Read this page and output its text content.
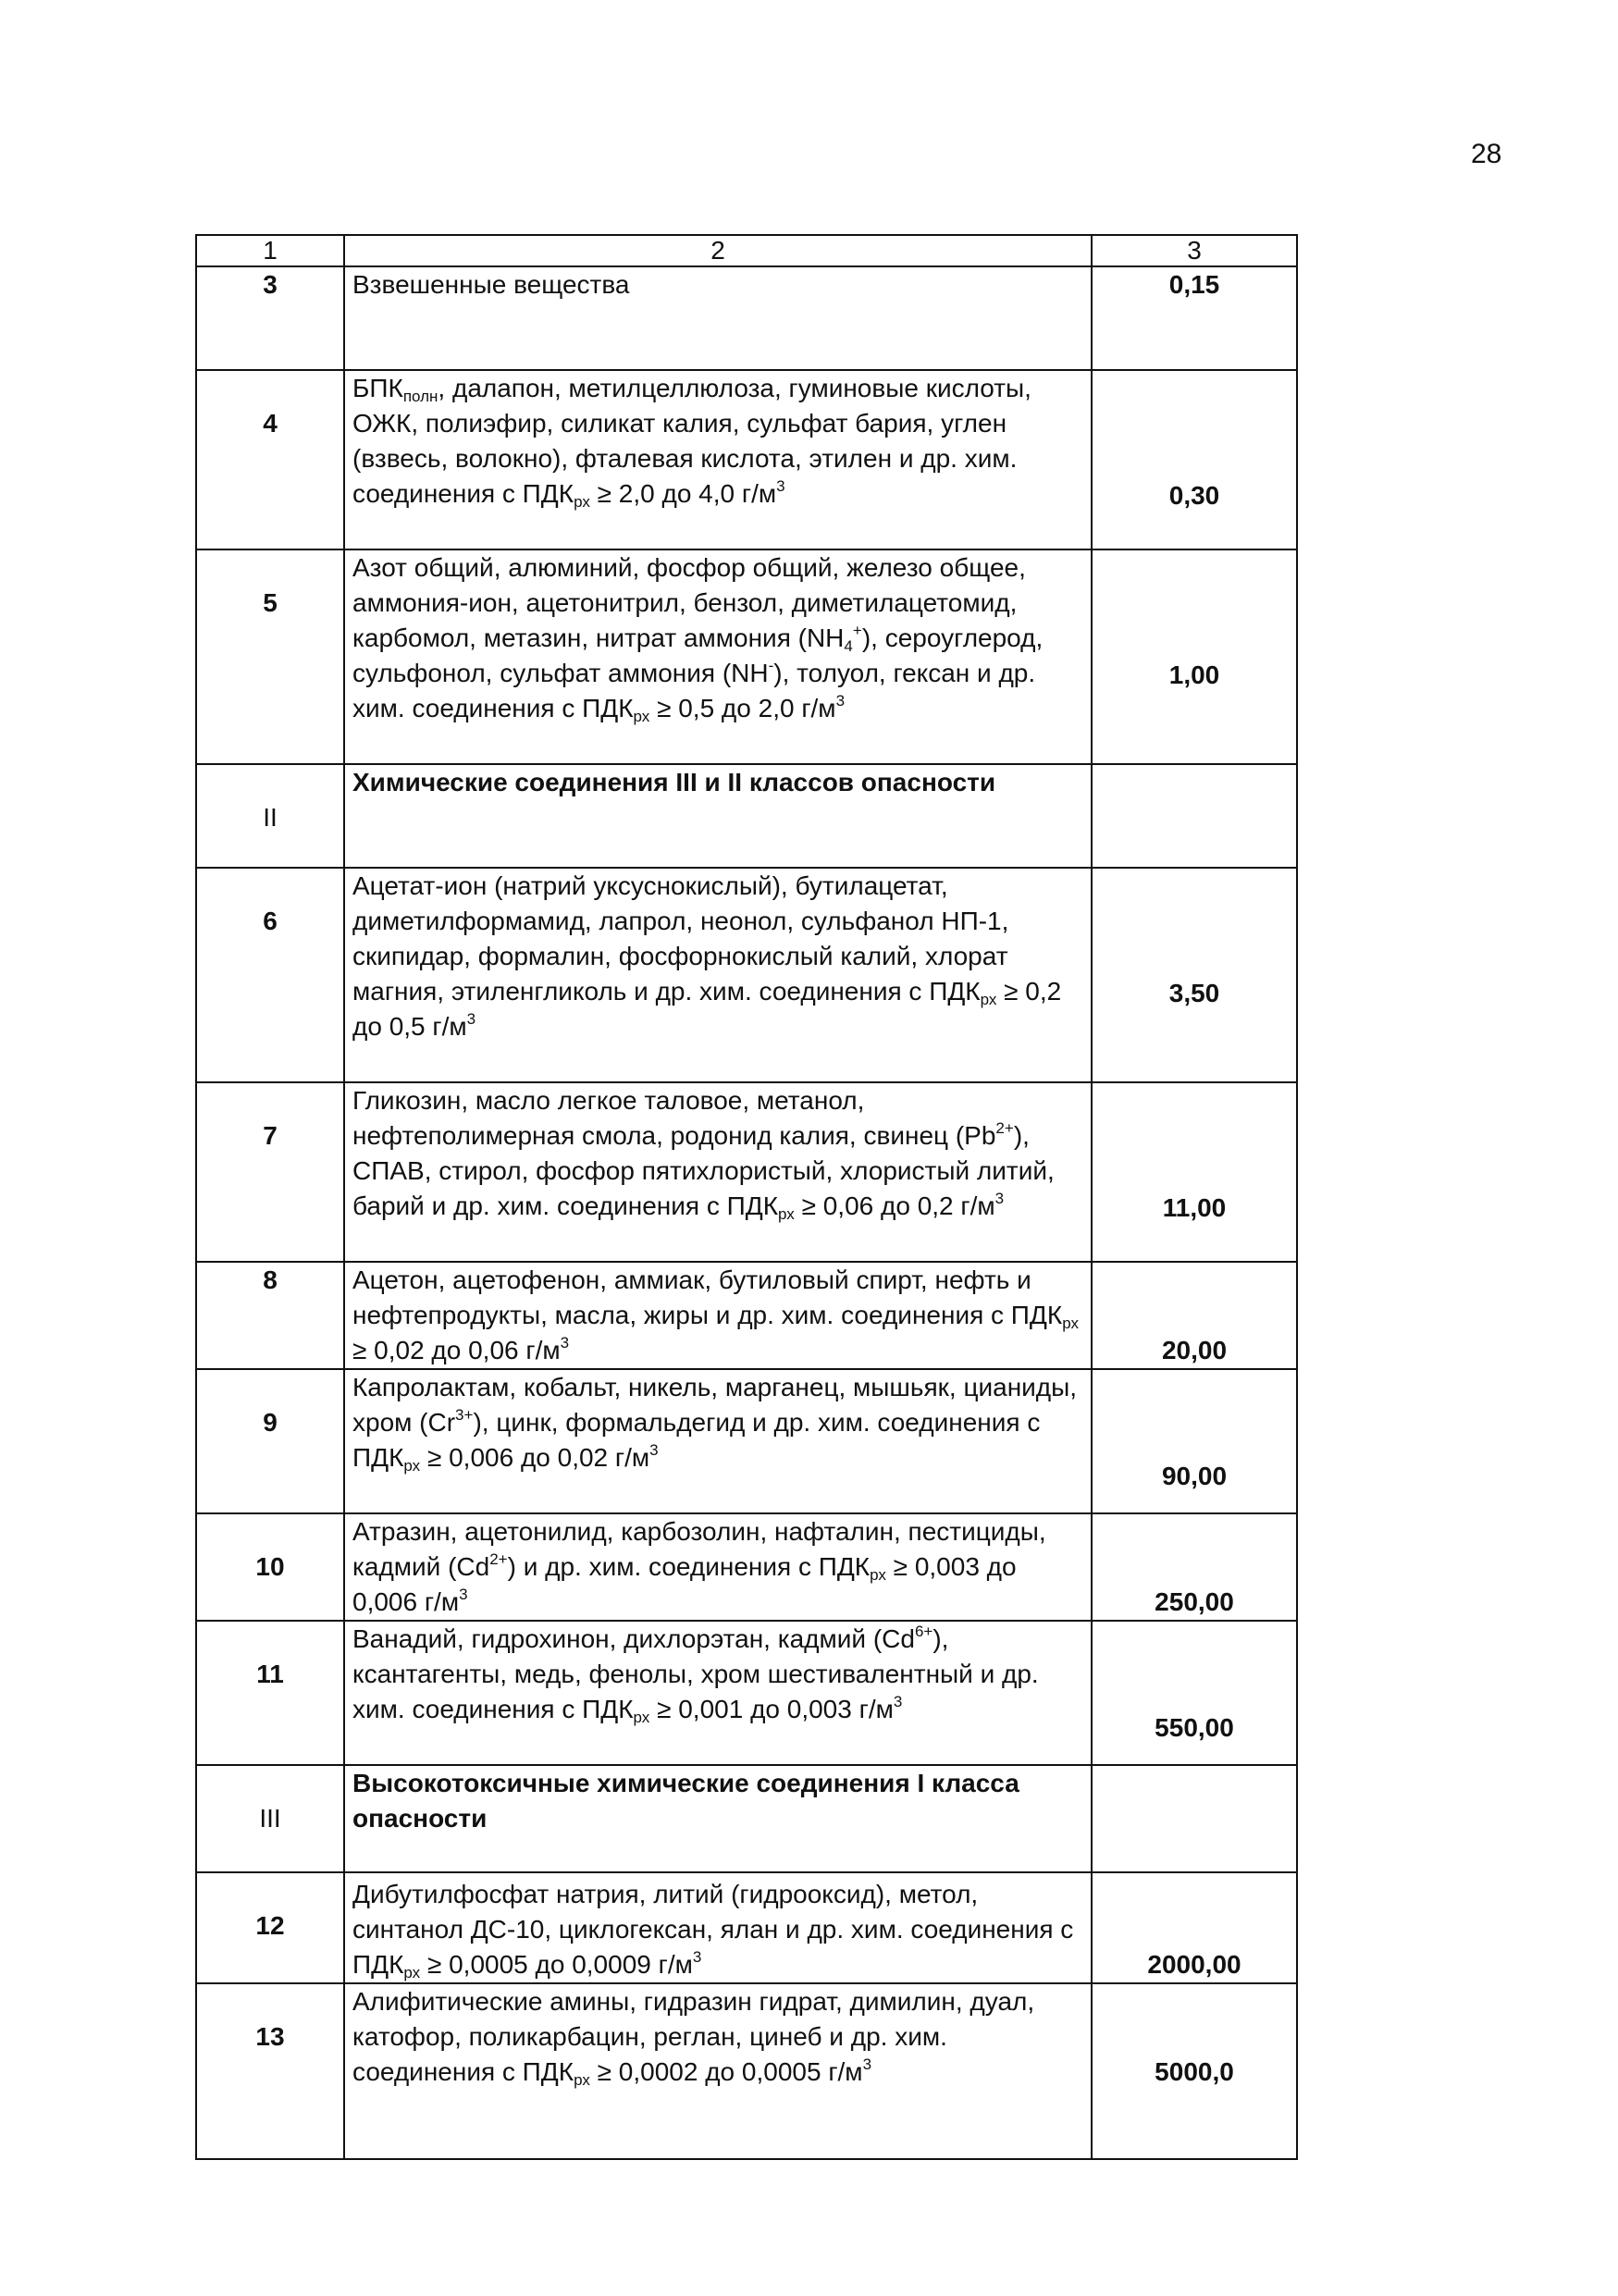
28
1	2	3
3	Взвешенные вещества	0,15

4	$БПК_{полн}$, далапон, метилцеллюлоза, гуминовые кислоты, ОЖК, полиэфир, силикат калия, сульфат бария, углен (взвесь, волокно), фталевая кислота, этилен и др. хим. соединения с $ПДК_{рх} \ge 2,0$ до 4,0 $г/м^3$	0,30

5	Азот общий, алюминий, фосфор общий, железо общее, аммония-ион, ацетонитрил, бензол, диметилацетомид, карбомол, метазин, нитрат аммония $(NH_4^+)$, сероуглерод, сульфонол, сульфат аммония (NH-), толуол, гексан и др. хим. соединения с $ПДК_{рх} \ge 0,5$ до 2,0 $г/м^3$	1,00

II	Химические соединения III и II классов опасности	

6	Ацетат-ион (натрий уксуснокислый), бутилацетат, диметилформамид, лапрол, неонол, сульфанол НП-1, скипидар, формалин, фосфорнокислый калий, хлорат магния, этиленгликоль и др. хим. соединения с $ПДК_{рх} \ge 0,2$ до 0,5 $г/м^3$	3,50

7	Гликозин, масло легкое таловое, метанол, нефтеполимерная смола, родонид калия, свинец $(Pb^{2+})$, СПАВ, стирол, фосфор пятихлористый, хлористый литий, барий и др. хим. соединения с $ПДК_{рх} \ge 0,06$ до 0,2 $г/м^3$	11,00
8	Ацетон, ацетофенон, аммиак, бутиловый спирт, нефть и нефтепродукты, масла, жиры и др. хим. соединения с $ПДК_{рх} \ge 0,02$ до 0,06 $г/м^3$	20,00

9	Капролактам, кобальт, никель, марганец, мышьяк, цианиды, хром $(Cr^{3+})$, цинк, формальдегид и др. хим. соединения с $ПДК_{рх} \ge 0,006$ до 0,02 $г/м^3$	90,00

10	Атразин, ацетонилид, карбозолин, нафталин, пестициды, кадмий $(Cd^{2+})$ и др. хим. соединения с $ПДК_{рх} \ge 0,003$ до 0,006 $г/м^3$	250,00

11	Ванадий, гидрохинон, дихлорэтан, кадмий $(Cd^{6+})$, ксантагенты, медь, фенолы, хром шестивалентный и др. хим. соединения с $ПДК_{рх} \ge 0,001$ до 0,003 $г/м^3$	550,00

III	Высокотоксичные химические соединения I класса опасности	

12	Дибутилфосфат натрия, литий (гидрооксид), метол, синтанол ДС-10, циклогексан, ялан и др. хим. соединения с $ПДК_{рх} \ge 0,0005$ до 0,0009 $г/м^3$	2000,00

13	Алифитические амины, гидразин гидрат, димилин, дуал, катофор, поликарбацин, реглан, цинеб и др. хим. соединения с $ПДК_{рх} \ge 0,0002$ до 0,0005 $г/м^3$	5000,0
